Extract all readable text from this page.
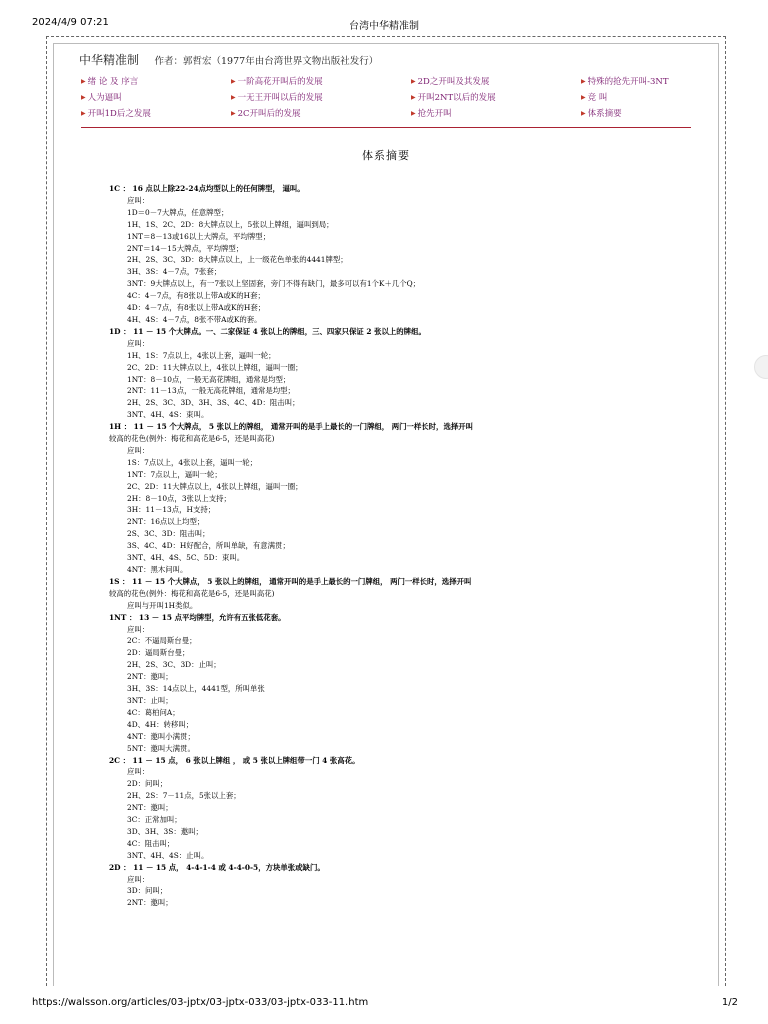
2024/4/9 07:21	台湾中华精准制
中华精准制 作者：郭哲宏（1977年由台湾世界文物出版社发行）
▶ 绪 论 及 序言	▶ 一阶高花开叫后的发展	▶ 2D之开叫及其发展	▶ 特殊的抢先开叫-3NT
▶ 人为逼叫	▶ 一无王开叫以后的发展	▶ 开叫2NT以后的发展	▶ 竞 叫
▶ 开叫1D后之发展	▶ 2C开叫后的发展	▶ 抢先开叫	▶ 体系摘要
体系摘要
1C ： 16 点以上除22-24点均型以上的任何牌型， 逼叫。
应叫：
1D＝0－7大牌点，任意牌型；
1H、1S、2C、2D：8大牌点以上，5张以上牌组，逼叫到局；
1NT＝8－13或16以上大牌点，平均牌型；
2NT＝14－15大牌点，平均牌型；
2H、2S、3C、3D：8大牌点以上，上一级花色单张的4441牌型；
3H、3S：4－7点，7张套；
3NT：9大牌点以上，有一7张以上坚固套，旁门不得有缺门，最多可以有1个K＋几个Q；
4C：4－7点，有8张以上带A或K的H套；
4D：4－7点，有8张以上带A或K的H套；
4H、4S：4－7点，8张不带A或K的套。
1D ： 11 － 15 个大牌点。一、二家保证 4 张以上的牌组，三、四家只保证 2 张以上的牌组。
应叫：
1H、1S：7点以上，4张以上套，逼叫一轮；
2C、2D：11大牌点以上，4张以上牌组，逼叫一圈；
1NT：8－10点，一般无高花牌组，通常是均型；
2NT：11－13点，一般无高花牌组，通常是均型；
2H、2S、3C、3D、3H、3S、4C、4D：阻击叫；
3NT、4H、4S：束叫。
1H ： 11 － 15 个大牌点， 5 张以上的牌组， 通常开叫的是手上最长的一门牌组， 两门一样长时，选择开叫
较高的花色(例外：梅花和高花是6-5，还是叫高花)
应叫：
1S：7点以上，4张以上套，逼叫一轮；
1NT：7点以上，逼叫一轮；
2C、2D：11大牌点以上，4张以上牌组，逼叫一圈；
2H：8－10点，3张以上支持；
3H：11－13点，H支持；
2NT：16点以上均型；
2S、3C、3D：阻击叫；
3S、4C、4D：H好配合，所叫单缺，有意满贯；
3NT、4H、4S、5C、5D：束叫。
4NT：黑木问叫。
1S ： 11 － 15 个大牌点， 5 张以上的牌组， 通常开叫的是手上最长的一门牌组， 两门一样长时，选择开叫
较高的花色(例外：梅花和高花是6-5，还是叫高花)
应叫与开叫1H类似。
1NT ： 13 － 15 点平均牌型，允许有五张低花套。
应叫：
2C：不逼局斯台曼；
2D：逼局斯台曼；
2H、2S、3C、3D：止叫；
2NT：邀叫；
3H、3S：14点以上，4441型，所叫单张
3NT：止叫；
4C：葛柏问A；
4D、4H：转移叫；
4NT：邀叫小满贯；
5NT：邀叫大满贯。
2C ： 11 － 15 点， 6 张以上牌组 ， 或 5 张以上牌组带一门 4 张高花。
应叫：
2D：问叫；
2H、2S：7－11点，5张以上套；
2NT：邀叫；
3C：正常加叫；
3D、3H、3S：邀叫；
4C：阻击叫；
3NT、4H、4S：止叫。
2D ： 11 － 15 点， 4-4-1-4 或 4-4-0-5，方块单张或缺门。
应叫：
3D：问叫；
2NT：邀叫；
https://walsson.org/articles/03-jptx/03-jptx-033/03-jptx-033-11.htm	1/2
